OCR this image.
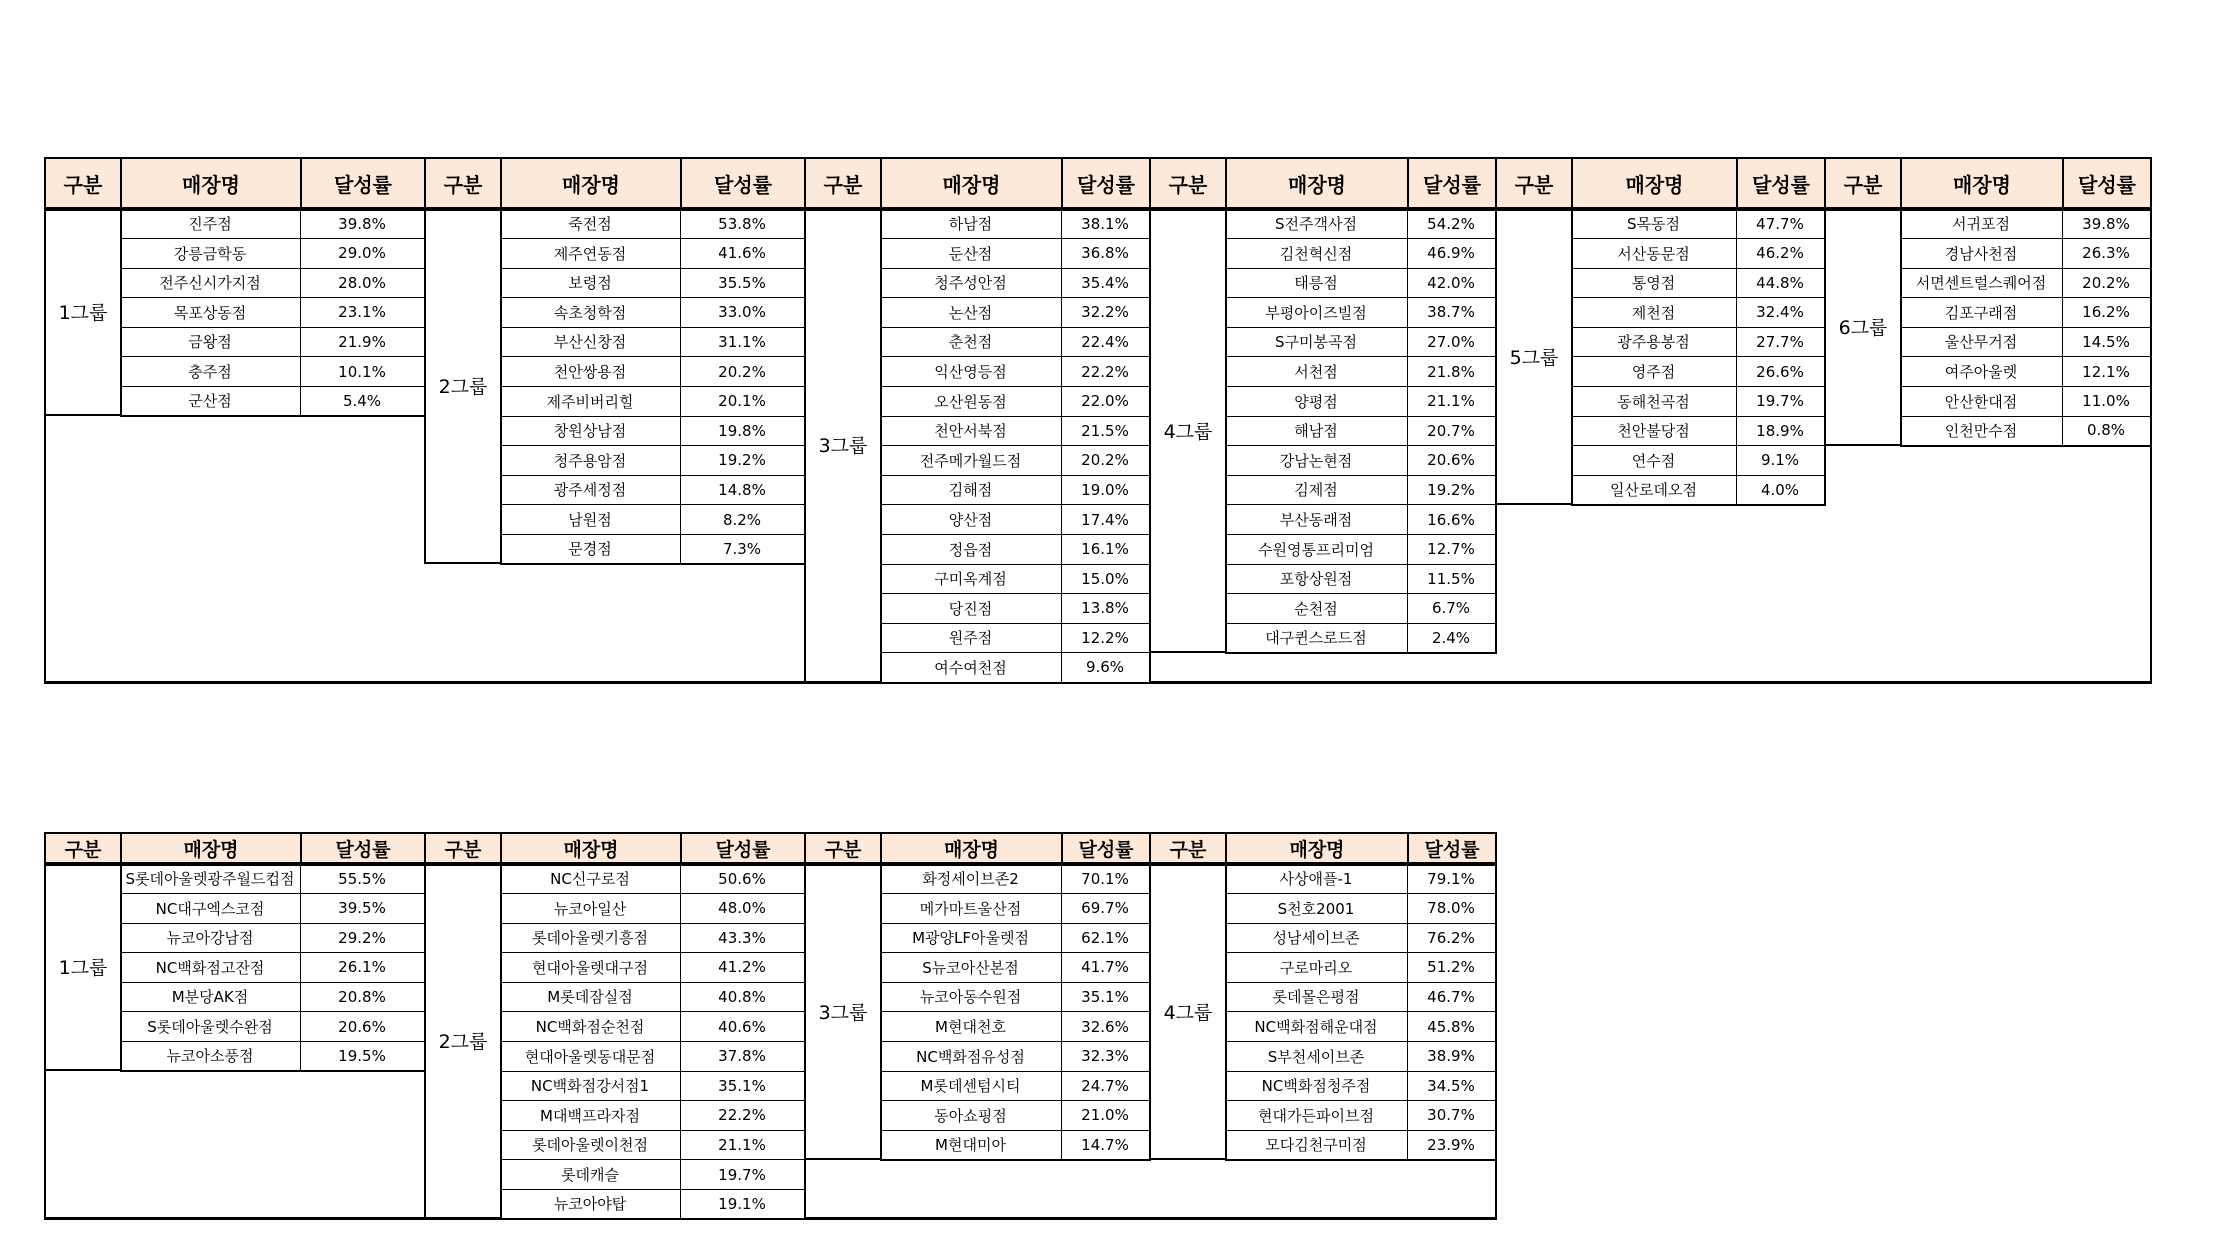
구분	매장명	달성률
1그룹
진주점	39.8%
강릉금학동	29.0%
전주신시가지점	28.0%
목포상동점	23.1%
금왕점	21.9%
충주점	10.1%
군산점	5.4%
구분	매장명	달성률
2그룹
죽전점	53.8%
제주연동점	41.6%
보령점	35.5%
속초청학점	33.0%
부산신창점	31.1%
천안쌍용점	20.2%
제주비버리힐	20.1%
창원상남점	19.8%
청주용암점	19.2%
광주세정점	14.8%
남원점	8.2%
문경점	7.3%
구분	매장명	달성률
3그룹
하남점	38.1%
둔산점	36.8%
청주성안점	35.4%
논산점	32.2%
춘천점	22.4%
익산영등점	22.2%
오산원동점	22.0%
천안서북점	21.5%
전주메가월드점	20.2%
김해점	19.0%
양산점	17.4%
정읍점	16.1%
구미옥계점	15.0%
당진점	13.8%
원주점	12.2%
여수여천점	9.6%
구분	매장명	달성률
4그룹
S전주객사점	54.2%
김천혁신점	46.9%
태릉점	42.0%
부평아이즈빌점	38.7%
S구미봉곡점	27.0%
서천점	21.8%
양평점	21.1%
해남점	20.7%
강남논현점	20.6%
김제점	19.2%
부산동래점	16.6%
수원영통프리미엄	12.7%
포항상원점	11.5%
순천점	6.7%
대구퀸스로드점	2.4%
구분	매장명	달성률
5그룹
S목동점	47.7%
서산동문점	46.2%
통영점	44.8%
제천점	32.4%
광주용봉점	27.7%
영주점	26.6%
동해천곡점	19.7%
천안불당점	18.9%
연수점	9.1%
일산로데오점	4.0%
구분	매장명	달성률
6그룹
서귀포점	39.8%
경남사천점	26.3%
서면센트럴스퀘어점	20.2%
김포구래점	16.2%
울산무거점	14.5%
여주아울렛	12.1%
안산한대점	11.0%
인천만수점	0.8%
구분	매장명	달성률
1그룹
S롯데아울렛광주월드컵점	55.5%
NC대구엑스코점	39.5%
뉴코아강남점	29.2%
NC백화점고잔점	26.1%
M분당AK점	20.8%
S롯데아울렛수완점	20.6%
뉴코아소풍점	19.5%
구분	매장명	달성률
2그룹
NC신구로점	50.6%
뉴코아일산	48.0%
롯데아울렛기흥점	43.3%
현대아울렛대구점	41.2%
M롯데잠실점	40.8%
NC백화점순천점	40.6%
현대아울렛동대문점	37.8%
NC백화점강서점1	35.1%
M대백프라자점	22.2%
롯데아울렛이천점	21.1%
롯데캐슬	19.7%
뉴코아야탑	19.1%
구분	매장명	달성률
3그룹
화정세이브존2	70.1%
메가마트울산점	69.7%
M광양LF아울렛점	62.1%
S뉴코아산본점	41.7%
뉴코아동수원점	35.1%
M현대천호	32.6%
NC백화점유성점	32.3%
M롯데센텀시티	24.7%
동아쇼핑점	21.0%
M현대미아	14.7%
구분	매장명	달성률
4그룹
사상애플-1	79.1%
S천호2001	78.0%
성남세이브존	76.2%
구로마리오	51.2%
롯데몰은평점	46.7%
NC백화점해운대점	45.8%
S부천세이브존	38.9%
NC백화점청주점	34.5%
현대가든파이브점	30.7%
모다김천구미점	23.9%
